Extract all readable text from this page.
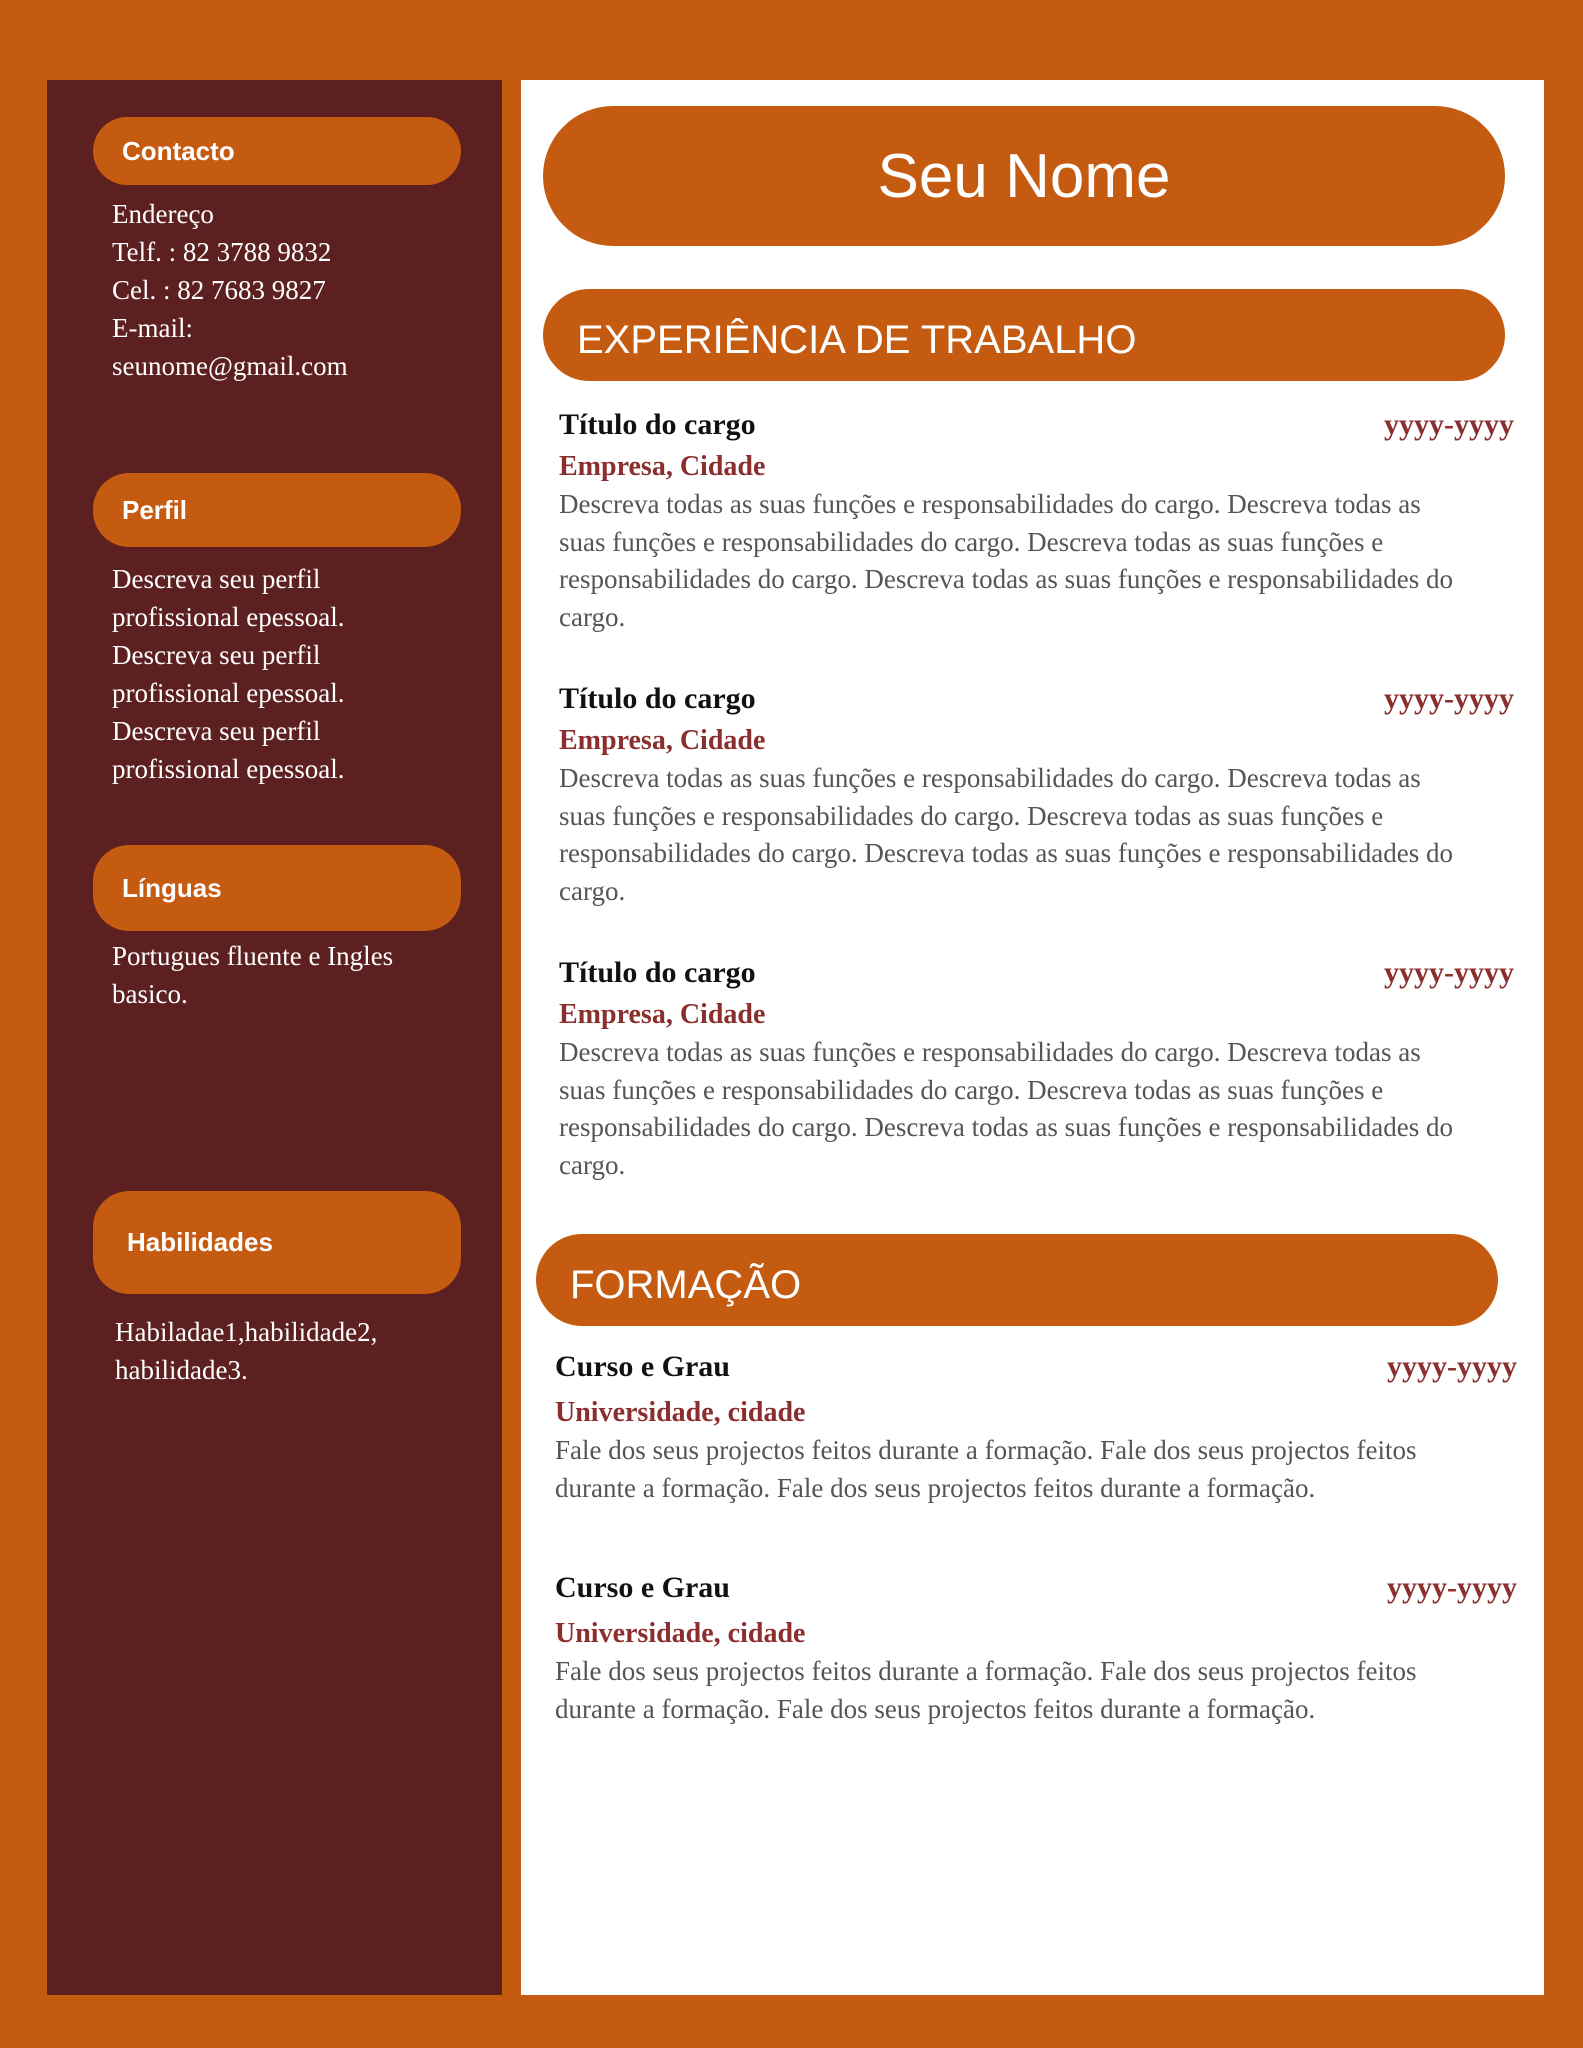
Contacto
Endereço
Telf. : 82 3788 9832
Cel. : 82 7683 9827
E-mail:
seunome@gmail.com
Perfil
Descreva seu perfil
profissional epessoal.
Descreva seu perfil
profissional epessoal.
Descreva seu perfil
profissional epessoal.
Línguas
Portugues fluente e Ingles
basico.
Habilidades
Habiladae1,habilidade2,
habilidade3.
Seu Nome
EXPERIÊNCIA DE TRABALHO
Título do cargo	yyyy-yyyy
Empresa, Cidade
Descreva todas as suas funções e responsabilidades do cargo. Descreva todas as
suas funções e responsabilidades do cargo. Descreva todas as suas funções e
responsabilidades do cargo. Descreva todas as suas funções e responsabilidades do
cargo.
Título do cargo	yyyy-yyyy
Empresa, Cidade
Descreva todas as suas funções e responsabilidades do cargo. Descreva todas as
suas funções e responsabilidades do cargo. Descreva todas as suas funções e
responsabilidades do cargo. Descreva todas as suas funções e responsabilidades do
cargo.
Título do cargo	yyyy-yyyy
Empresa, Cidade
Descreva todas as suas funções e responsabilidades do cargo. Descreva todas as
suas funções e responsabilidades do cargo. Descreva todas as suas funções e
responsabilidades do cargo. Descreva todas as suas funções e responsabilidades do
cargo.
FORMAÇÃO
Curso e Grau	yyyy-yyyy
Universidade, cidade
Fale dos seus projectos feitos durante a formação. Fale dos seus projectos feitos
durante a formação. Fale dos seus projectos feitos durante a formação.
Curso e Grau	yyyy-yyyy
Universidade, cidade
Fale dos seus projectos feitos durante a formação. Fale dos seus projectos feitos
durante a formação. Fale dos seus projectos feitos durante a formação.
